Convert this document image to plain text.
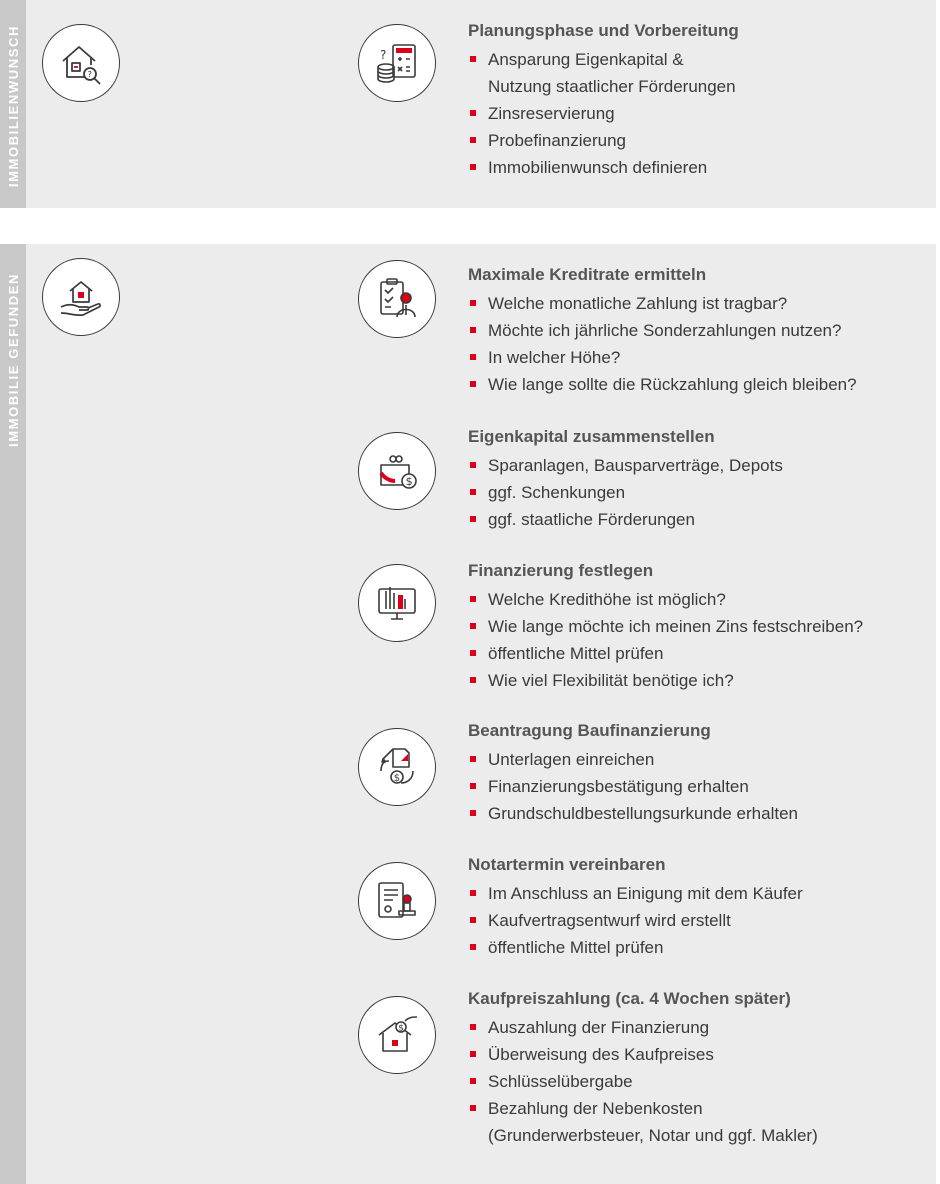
IMMOBILIENWUNSCH	?
?
Planungsphase und Vorbereitung
Ansparung Eigenkapital &
Nutzung staatlicher Förderungen
Zinsreservierung
Probefinanzierung
Immobilienwunsch definieren
IMMOBILIE GEFUNDEN	Maximale Kreditrate ermitteln
Welche monatliche Zahlung ist tragbar?
Möchte ich jährliche Sonderzahlungen nutzen?
In welcher Höhe?
Wie lange sollte die Rückzahlung gleich bleiben?
$
Eigenkapital zusammenstellen
Sparanlagen, Bausparverträge, Depots
ggf. Schenkungen
ggf. staatliche Förderungen
Finanzierung festlegen
Welche Kredithöhe ist möglich?
Wie lange möchte ich meinen Zins festschreiben?
öffentliche Mittel prüfen
Wie viel Flexibilität benötige ich?
$
Beantragung Baufinanzierung
Unterlagen einreichen
Finanzierungsbestätigung erhalten
Grundschuldbestellungsurkunde erhalten
Notartermin vereinbaren
Im Anschluss an Einigung mit dem Käufer
Kaufvertragsentwurf wird erstellt
öffentliche Mittel prüfen
$
Kaufpreiszahlung (ca. 4 Wochen später)
Auszahlung der Finanzierung
Überweisung des Kaufpreises
Schlüsselübergabe
Bezahlung der Nebenkosten
(Grunderwerbsteuer, Notar und ggf. Makler)
